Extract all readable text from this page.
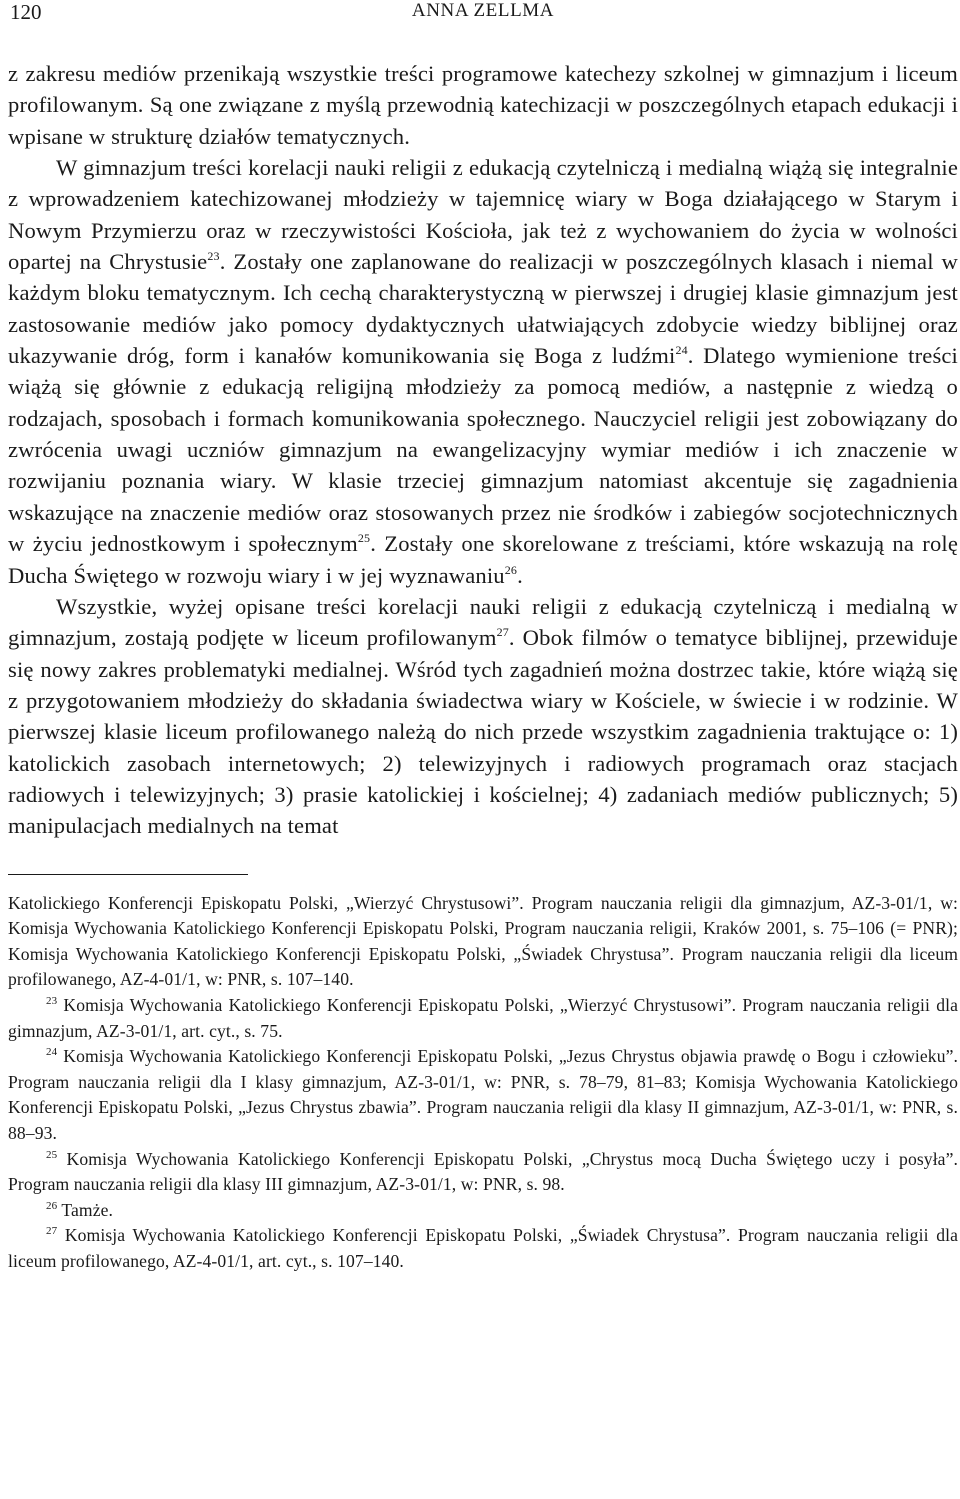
120	ANNA ZELLMA

z zakresu mediów przenikają wszystkie treści programowe katechezy szkolnej w gimnazjum i liceum profilowanym. Są one związane z myślą przewodnią katechizacji w poszczególnych etapach edukacji i wpisane w strukturę działów tematycznych.

W gimnazjum treści korelacji nauki religii z edukacją czytelniczą i medialną wiążą się integralnie z wprowadzeniem katechizowanej młodzieży w tajemnicę wiary w Boga działającego w Starym i Nowym Przymierzu oraz w rzeczywistości Kościoła, jak też z wychowaniem do życia w wolności opartej na Chrystusie$^{23}$. Zostały one zaplanowane do realizacji w poszczególnych klasach i niemal w każdym bloku tematycznym. Ich cechą charakterystyczną w pierwszej i drugiej klasie gimnazjum jest zastosowanie mediów jako pomocy dydaktycznych ułatwiających zdobycie wiedzy biblijnej oraz ukazywanie dróg, form i kanałów komunikowania się Boga z ludźmi$^{24}$. Dlatego wymienione treści wiążą się głównie z edukacją religijną młodzieży za pomocą mediów, a następnie z wiedzą o rodzajach, sposobach i formach komunikowania społecznego. Nauczyciel religii jest zobowiązany do zwrócenia uwagi uczniów gimnazjum na ewangelizacyjny wymiar mediów i ich znaczenie w rozwijaniu poznania wiary. W klasie trzeciej gimnazjum natomiast akcentuje się zagadnienia wskazujące na znaczenie mediów oraz stosowanych przez nie środków i zabiegów socjotechnicznych w życiu jednostkowym i społecznym$^{25}$. Zostały one skorelowane z treściami, które wskazują na rolę Ducha Świętego w rozwoju wiary i w jej wyznawaniu$^{26}$.

Wszystkie, wyżej opisane treści korelacji nauki religii z edukacją czytelniczą i medialną w gimnazjum, zostają podjęte w liceum profilowanym$^{27}$. Obok filmów o tematyce biblijnej, przewiduje się nowy zakres problematyki medialnej. Wśród tych zagadnień można dostrzec takie, które wiążą się z przygotowaniem młodzieży do składania świadectwa wiary w Kościele, w świecie i w rodzinie. W pierwszej klasie liceum profilowanego należą do nich przede wszystkim zagadnienia traktujące o: 1) katolickich zasobach internetowych; 2) telewizyjnych i radiowych programach oraz stacjach radiowych i telewizyjnych; 3) prasie katolickiej i kościelnej; 4) zadaniach mediów publicznych; 5) manipulacjach medialnych na temat

Katolickiego Konferencji Episkopatu Polski, „Wierzyć Chrystusowi”. Program nauczania religii dla gimnazjum, AZ-3-01/1, w: Komisja Wychowania Katolickiego Konferencji Episkopatu Polski, Program nauczania religii, Kraków 2001, s. 75–106 (= PNR); Komisja Wychowania Katolickiego Konferencji Episkopatu Polski, „Świadek Chrystusa”. Program nauczania religii dla liceum profilowanego, AZ-4-01/1, w: PNR, s. 107–140.

$^{23}$ Komisja Wychowania Katolickiego Konferencji Episkopatu Polski, „Wierzyć Chrystusowi”. Program nauczania religii dla gimnazjum, AZ-3-01/1, art. cyt., s. 75.

$^{24}$ Komisja Wychowania Katolickiego Konferencji Episkopatu Polski, „Jezus Chrystus objawia prawdę o Bogu i człowieku”. Program nauczania religii dla I klasy gimnazjum, AZ-3-01/1, w: PNR, s. 78–79, 81–83; Komisja Wychowania Katolickiego Konferencji Episkopatu Polski, „Jezus Chrystus zbawia”. Program nauczania religii dla klasy II gimnazjum, AZ-3-01/1, w: PNR, s. 88–93.

$^{25}$ Komisja Wychowania Katolickiego Konferencji Episkopatu Polski, „Chrystus mocą Ducha Świętego uczy i posyła”. Program nauczania religii dla klasy III gimnazjum, AZ-3-01/1, w: PNR, s. 98.

$^{26}$ Tamże.

$^{27}$ Komisja Wychowania Katolickiego Konferencji Episkopatu Polski, „Świadek Chrystusa”. Program nauczania religii dla liceum profilowanego, AZ-4-01/1, art. cyt., s. 107–140.
